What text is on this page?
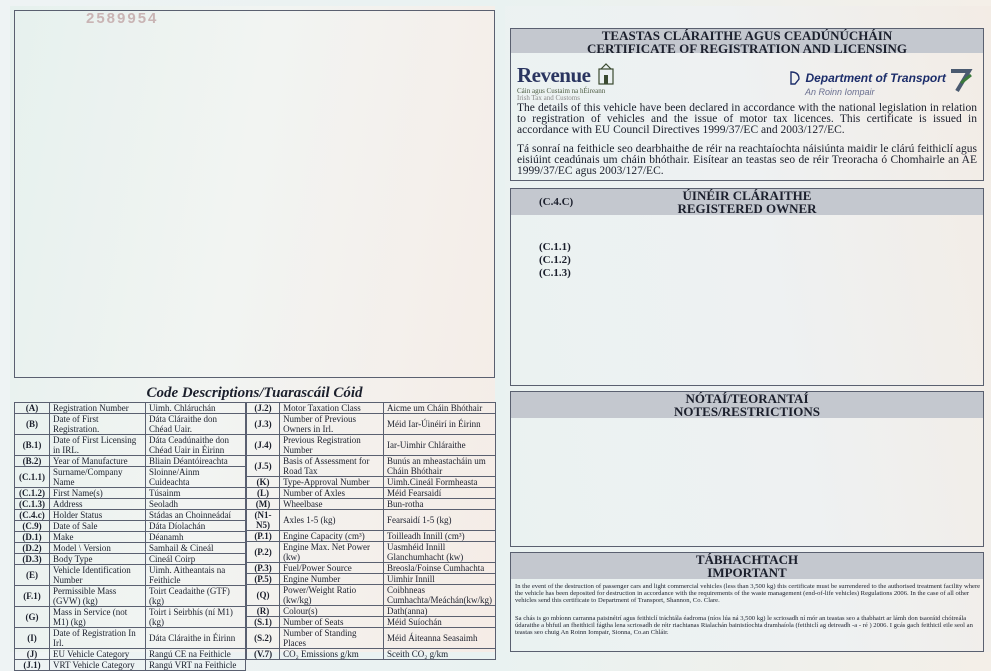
2589954
Code Descriptions/Tuarascáil Cóid
(A)	Registration Number	Uimh. Chláruchán
(B)	Date of First Registration.	Dáta Cláraithe don Chéad Uair.
(B.1)	Date of First Licensing in IRL.	Dáta Ceadúnaithe don Chéad Uair in Éirinn
(B.2)	Year of Manufacture	Bliain Déantóireachta
(C.1.1)	Surname/Company Name	Sloinne/Ainm Cuideachta
(C.1.2)	First Name(s)	Túsainm
(C.1.3)	Address	Seoladh
(C.4.c)	Holder Status	Stádas an Choinneádaí
(C.9)	Date of Sale	Dáta Díolachán
(D.1)	Make	Déanamh
(D.2)	Model \ Version	Samhail & Cineál
(D.3)	Body Type	Cineál Coirp
(E)	Vehicle Identification Number	Uimh. Aitheantais na Feithicle
(F.1)	Permissible Mass (GVW) (kg)	Toirt Ceadaithe (GTF) (kg)
(G)	Mass in Service (not M1) (kg)	Toirt i Seirbhís (ní M1) (kg)
(I)	Date of Registration In Irl.	Dáta Cláraithe in Éirinn
(J)	EU Vehicle Category	Rangú CE na Feithicle
(J.1)	VRT Vehicle Category	Rangú VRT na Feithicle
(J.2)	Motor Taxation Class	Aicme um Cháin Bhóthair
(J.3)	Number of Previous Owners in Irl.	Méid Iar-Úinéirí in Éirinn
(J.4)	Previous Registration Number	Iar-Uimhir Chláraithe
(J.5)	Basis of Assessment for Road Tax	Bunús an mheastacháin um Cháin Bhóthair
(K)	Type-Approval Number	Uimh.Cineál Formheasta
(L)	Number of Axles	Méid Fearsaidí
(M)	Wheelbase	Bun-rotha
(N1-N5)	Axles 1-5 (kg)	Fearsaidí 1-5 (kg)
(P.1)	Engine Capacity (cm³)	Toilleadh Innill (cm³)
(P.2)	Engine Max. Net Power (kw)	Uasmhéid Innill Glanchumhacht (kw)
(P.3)	Fuel/Power Source	Breosla/Foinse Cumhachta
(P.5)	Engine Number	Uimhir Innill
(Q)	Power/Weight Ratio (kw/kg)	Coibhneas Cumhachta/Meáchán(kw/kg)
(R)	Colour(s)	Dath(anna)
(S.1)	Number of Seats	Méid Suíochán
(S.2)	Number of Standing Places	Méid Áiteanna Seasaimh
(V.7)	CO₂ Emissions g/km	Sceith CO₂ g/km
TEASTAS CLÁRAITHE AGUS CEADÚNÚCHÁIN
CERTIFICATE OF REGISTRATION AND LICENSING
Revenue
Cáin agus Custaim na hÉireann
Irish Tax and Customs
Department of Transport
An Roinn Iompair
The details of this vehicle have been declared in accordance with the national legislation in relation to registration of vehicles and the issue of motor tax licences. This certificate is issued in accordance with EU Council Directives 1999/37/EC and 2003/127/EC.
Tá sonraí na feithicle seo dearbhaithe de réir na reachtaíochta náisiúnta maidir le clárú feithiclí agus eisiúint ceadúnais um cháin bhóthair. Eisítear an teastas seo de réir Treoracha ó Chomhairle an AE 1999/37/EC agus 2003/127/EC.
ÚINÉIR CLÁRAITHE
REGISTERED OWNER
(C.4.C)
(C.1.1)
(C.1.2)
(C.1.3)
NÓTAÍ/TEORANTAÍ
NOTES/RESTRICTIONS
TÁBHACHTACH
IMPORTANT
In the event of the destruction of passenger cars and light commercial vehicles (less than 3,500 kg) this certificate must be surrendered to the authorised treatment facility where the vehicle has been deposited for destruction in accordance with the requirements of the waste management (end-of-life vehicles) Regulations 2006. In the case of all other vehicles send this certificate to Department of Transport, Shannon, Co. Clare.
Sa chás is go mbíonn carranna paisinéirí agus feithiclí tráchtála éadroma (níos lúa ná 3,500 kg) le scriosadh ní mór an teastas seo a thabhairt ar lámh don tsaoráid chóireála údaraithe a bhfuil an fheithicil fágtha lena scriosadh de réir riachtanas Rialachán bainistíochta dramhaíola (feithiclí ag deireadh -a - ré ) 2006. I gcás gach feithicil eile seol an teastas seo chuig An Roinn Iompair, Sionna, Co.an Chláir.
